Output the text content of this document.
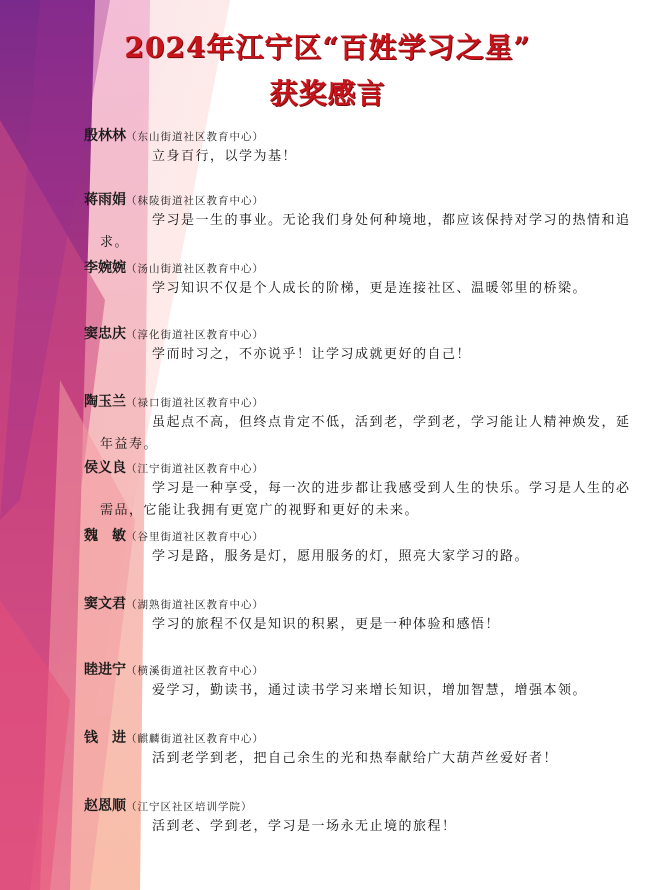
2024年江宁区“百姓学习之星”
获奖感言
殷林林（东山街道社区教育中心）
立身百行，以学为基！
蒋雨娟（秣陵街道社区教育中心）
学习是一生的事业。无论我们身处何种境地，都应该保持对学习的热情和追求。
李婉婉（汤山街道社区教育中心）
学习知识不仅是个人成长的阶梯，更是连接社区、温暖邻里的桥梁。
窦忠庆（淳化街道社区教育中心）
学而时习之，不亦说乎！让学习成就更好的自己！
陶玉兰（禄口街道社区教育中心）
虽起点不高，但终点肯定不低，活到老，学到老，学习能让人精神焕发，延年益寿。
侯义良（江宁街道社区教育中心）
学习是一种享受，每一次的进步都让我感受到人生的快乐。学习是人生的必需品，它能让我拥有更宽广的视野和更好的未来。
魏　敏（谷里街道社区教育中心）
学习是路，服务是灯，愿用服务的灯，照亮大家学习的路。
窦文君（湖熟街道社区教育中心）
学习的旅程不仅是知识的积累，更是一种体验和感悟！
睦进宁（横溪街道社区教育中心）
爱学习，勤读书，通过读书学习来增长知识，增加智慧，增强本领。
钱　进（麒麟街道社区教育中心）
活到老学到老，把自己余生的光和热奉献给广大葫芦丝爱好者！
赵恩顺（江宁区社区培训学院）
活到老、学到老，学习是一场永无止境的旅程！
